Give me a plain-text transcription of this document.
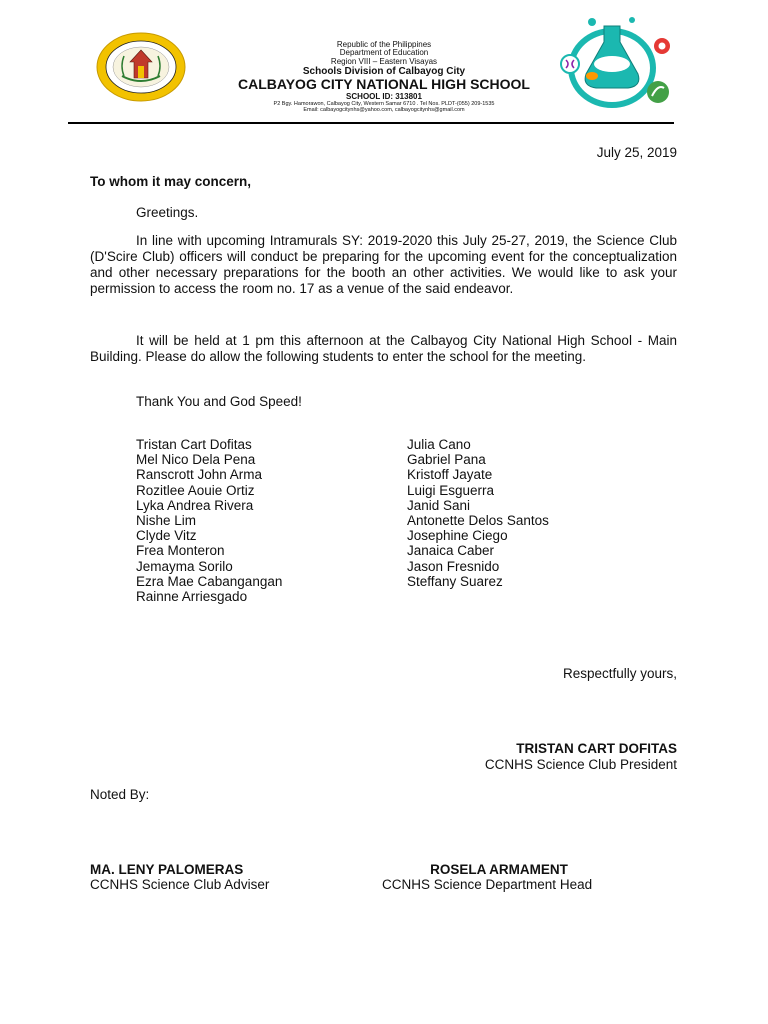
Republic of the Philippines
Department of Education
Region VIII – Eastern Visayas
Schools Division of Calbayog City
CALBAYOG CITY NATIONAL HIGH SCHOOL
SCHOOL ID: 313801
P2 Bgy. Hamorawon, Calbayog City, Western Samar 6710 . Tel Nos. PLDT-(055) 209-1535
Email: calbayogcitynhs@yahoo.com, calbayogcitynhs@gmail.com
July 25, 2019
To whom it may concern,
Greetings.
In line with upcoming Intramurals SY: 2019-2020 this July 25-27, 2019, the Science Club (D'Scire Club) officers will conduct be preparing for the upcoming event for the conceptualization and other necessary preparations for the booth an other activities. We would like to ask your permission to access the room no. 17 as a venue of the said endeavor.
It will be held at 1 pm this afternoon at the Calbayog City National High School - Main Building. Please do allow the following students to enter the school for the meeting.
Thank You and God Speed!
Tristan Cart Dofitas
Mel Nico Dela Pena
Ranscrott John Arma
Rozitlee Aouie Ortiz
Lyka Andrea Rivera
Nishe Lim
Clyde Vitz
Frea Monteron
Jemayma Sorilo
Ezra Mae Cabangangan
Rainne Arriesgado
Julia Cano
Gabriel Pana
Kristoff Jayate
Luigi Esguerra
Janid Sani
Antonette Delos Santos
Josephine Ciego
Janaica Caber
Jason Fresnido
Steffany Suarez
Respectfully yours,
TRISTAN CART DOFITAS
CCNHS Science Club President
Noted By:
MA. LENY PALOMERAS
CCNHS Science Club Adviser
ROSELA ARMAMENT
CCNHS Science Department Head
